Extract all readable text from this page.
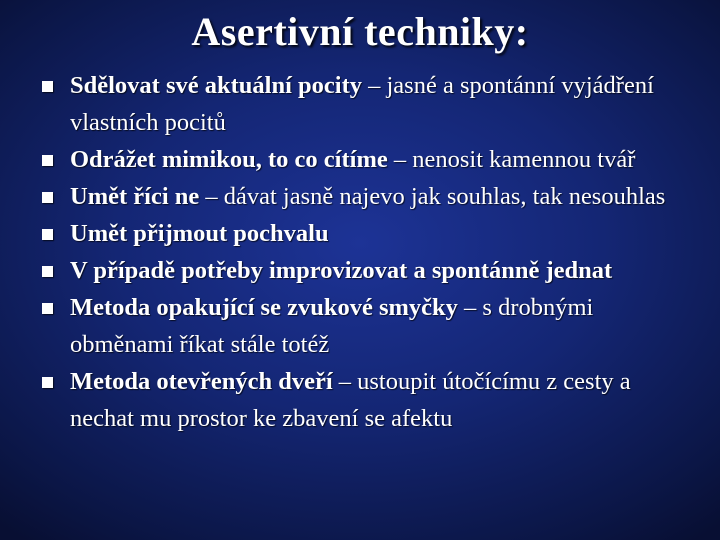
Asertivní techniky:
Sdělovat své aktuální pocity – jasné a spontánní vyjádření vlastních pocitů
Odrážet mimikou, to co cítíme – nenosit kamennou tvář
Umět říci ne – dávat jasně najevo jak souhlas, tak nesouhlas
Umět přijmout pochvalu
V případě potřeby improvizovat a spontánně jednat
Metoda opakující se zvukové smyčky – s drobnými obměnami říkat stále totéž
Metoda otevřených dveří – ustoupit útočícímu z cesty a nechat mu prostor ke zbavení se afektu
